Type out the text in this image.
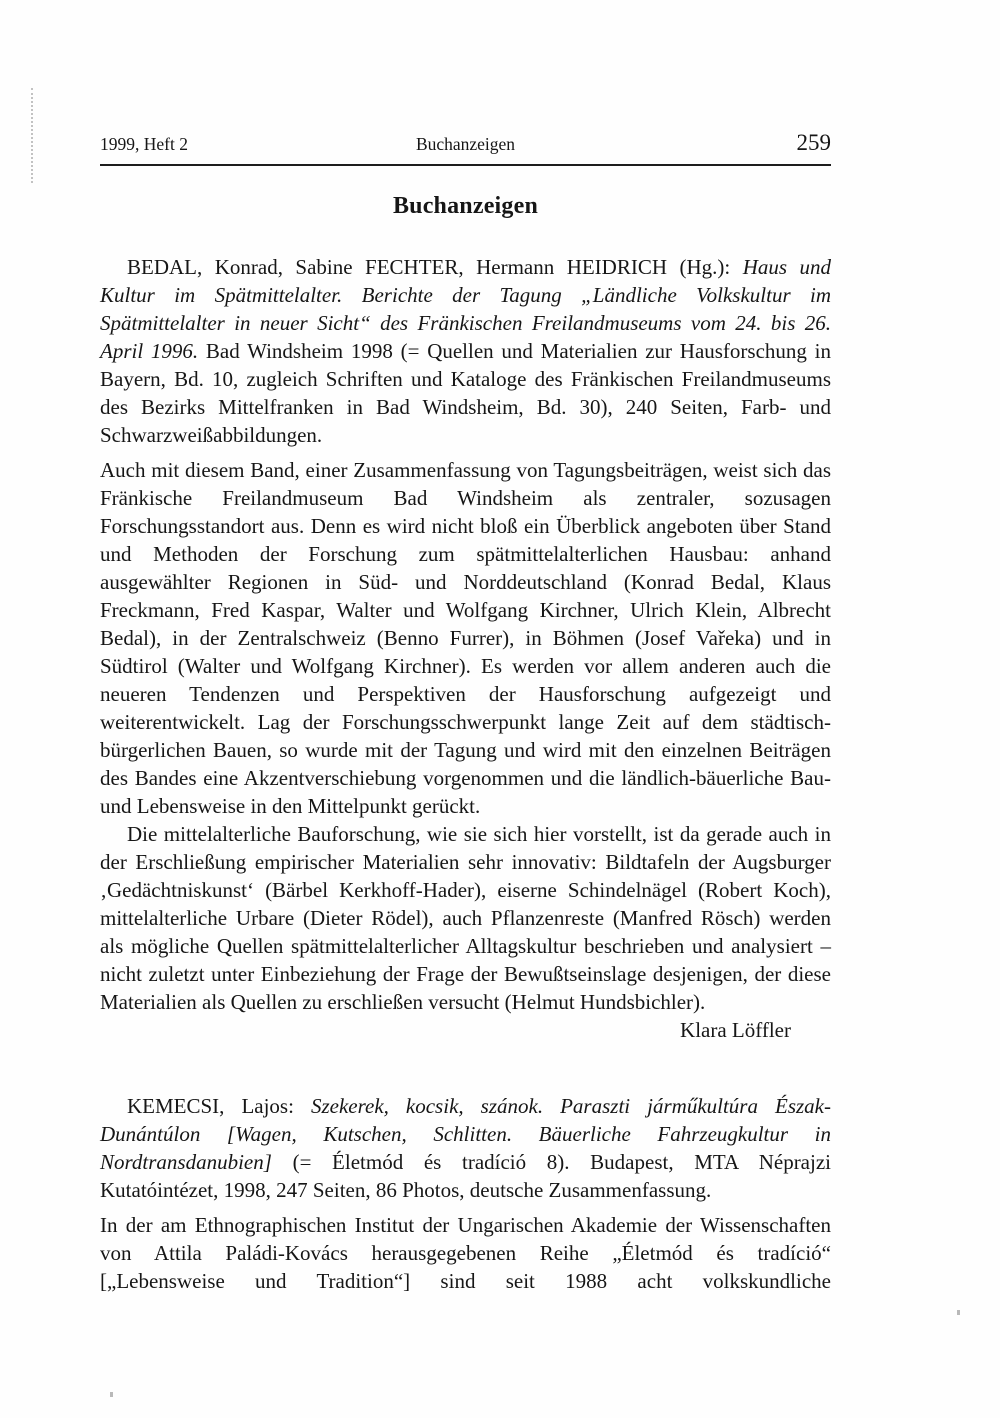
1999, Heft 2	Buchanzeigen	259
Buchanzeigen

BEDAL, Konrad, Sabine FECHTER, Hermann HEIDRICH (Hg.): Haus und Kultur im Spätmittelalter. Berichte der Tagung „Ländliche Volkskultur im Spätmittelalter in neuer Sicht“ des Fränkischen Freilandmuseums vom 24. bis 26. April 1996. Bad Windsheim 1998 (= Quellen und Materialien zur Hausforschung in Bayern, Bd. 10, zugleich Schriften und Kataloge des Fränkischen Freilandmuseums des Bezirks Mittelfranken in Bad Windsheim, Bd. 30), 240 Seiten, Farb- und Schwarzweißabbildungen.

Auch mit diesem Band, einer Zusammenfassung von Tagungsbeiträgen, weist sich das Fränkische Freilandmuseum Bad Windsheim als zentraler, sozusagen Forschungsstandort aus. Denn es wird nicht bloß ein Überblick angeboten über Stand und Methoden der Forschung zum spätmittelalterlichen Hausbau: anhand ausgewählter Regionen in Süd- und Norddeutschland (Konrad Bedal, Klaus Freckmann, Fred Kaspar, Walter und Wolfgang Kirchner, Ulrich Klein, Albrecht Bedal), in der Zentralschweiz (Benno Furrer), in Böhmen (Josef Vařeka) und in Südtirol (Walter und Wolfgang Kirchner). Es werden vor allem anderen auch die neueren Tendenzen und Perspektiven der Hausforschung aufgezeigt und weiterentwickelt. Lag der Forschungsschwerpunkt lange Zeit auf dem städtisch-bürgerlichen Bauen, so wurde mit der Tagung und wird mit den einzelnen Beiträgen des Bandes eine Akzentverschiebung vorgenommen und die ländlich-bäuerliche Bau- und Lebensweise in den Mittelpunkt gerückt.

Die mittelalterliche Bauforschung, wie sie sich hier vorstellt, ist da gerade auch in der Erschließung empirischer Materialien sehr innovativ: Bildtafeln der Augsburger ‚Gedächtniskunst‘ (Bärbel Kerkhoff-Hader), eiserne Schindelnägel (Robert Koch), mittelalterliche Urbare (Dieter Rödel), auch Pflanzenreste (Manfred Rösch) werden als mögliche Quellen spätmittelalterlicher Alltagskultur beschrieben und analysiert – nicht zuletzt unter Einbeziehung der Frage der Bewußtseinslage desjenigen, der diese Materialien als Quellen zu erschließen versucht (Helmut Hundsbichler).

Klara Löffler

KEMECSI, Lajos: Szekerek, kocsik, szánok. Paraszti járműkultúra Észak-Dunántúlon [Wagen, Kutschen, Schlitten. Bäuerliche Fahrzeugkultur in Nordtransdanubien] (= Életmód és tradíció 8). Budapest, MTA Néprajzi Kutatóintézet, 1998, 247 Seiten, 86 Photos, deutsche Zusammenfassung.

In der am Ethnographischen Institut der Ungarischen Akademie der Wissenschaften von Attila Paládi-Kovács herausgegebenen Reihe „Életmód és tradíció“ [„Lebensweise und Tradition“] sind seit 1988 acht volkskundliche
